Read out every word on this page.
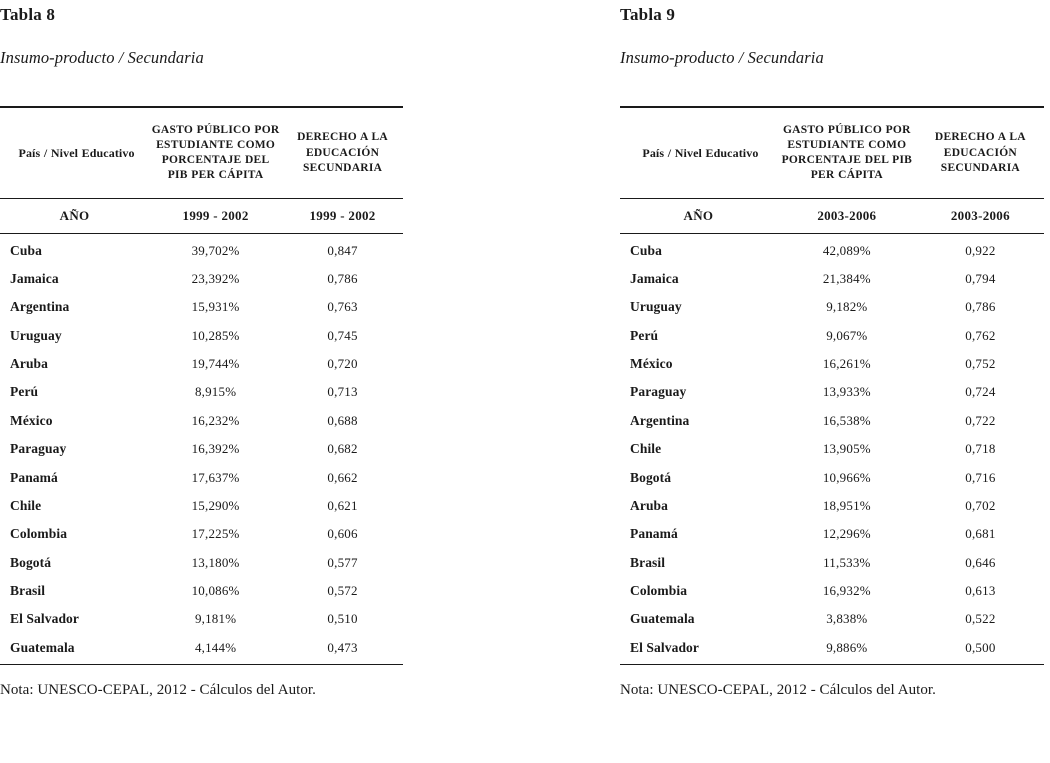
Tabla 8

Insumo-producto / Secundaria

País / Nivel Educativo	GASTO PÚBLICO POR ESTUDIANTE COMO PORCENTAJE DEL PIB PER CÁPITA	DERECHO A LA EDUCACIÓN SECUNDARIA
AÑO	1999 - 2002	1999 - 2002
Cuba	39,702%	0,847
Jamaica	23,392%	0,786
Argentina	15,931%	0,763
Uruguay	10,285%	0,745
Aruba	19,744%	0,720
Perú	8,915%	0,713
México	16,232%	0,688
Paraguay	16,392%	0,682
Panamá	17,637%	0,662
Chile	15,290%	0,621
Colombia	17,225%	0,606
Bogotá	13,180%	0,577
Brasil	10,086%	0,572
El Salvador	9,181%	0,510
Guatemala	4,144%	0,473

Nota: UNESCO-CEPAL, 2012 - Cálculos del Autor.

Tabla 9

Insumo-producto / Secundaria

País / Nivel Educativo	GASTO PÚBLICO POR ESTUDIANTE COMO PORCENTAJE DEL PIB PER CÁPITA	DERECHO A LA EDUCACIÓN SECUNDARIA
AÑO	2003-2006	2003-2006
Cuba	42,089%	0,922
Jamaica	21,384%	0,794
Uruguay	9,182%	0,786
Perú	9,067%	0,762
México	16,261%	0,752
Paraguay	13,933%	0,724
Argentina	16,538%	0,722
Chile	13,905%	0,718
Bogotá	10,966%	0,716
Aruba	18,951%	0,702
Panamá	12,296%	0,681
Brasil	11,533%	0,646
Colombia	16,932%	0,613
Guatemala	3,838%	0,522
El Salvador	9,886%	0,500

Nota: UNESCO-CEPAL, 2012 - Cálculos del Autor.
